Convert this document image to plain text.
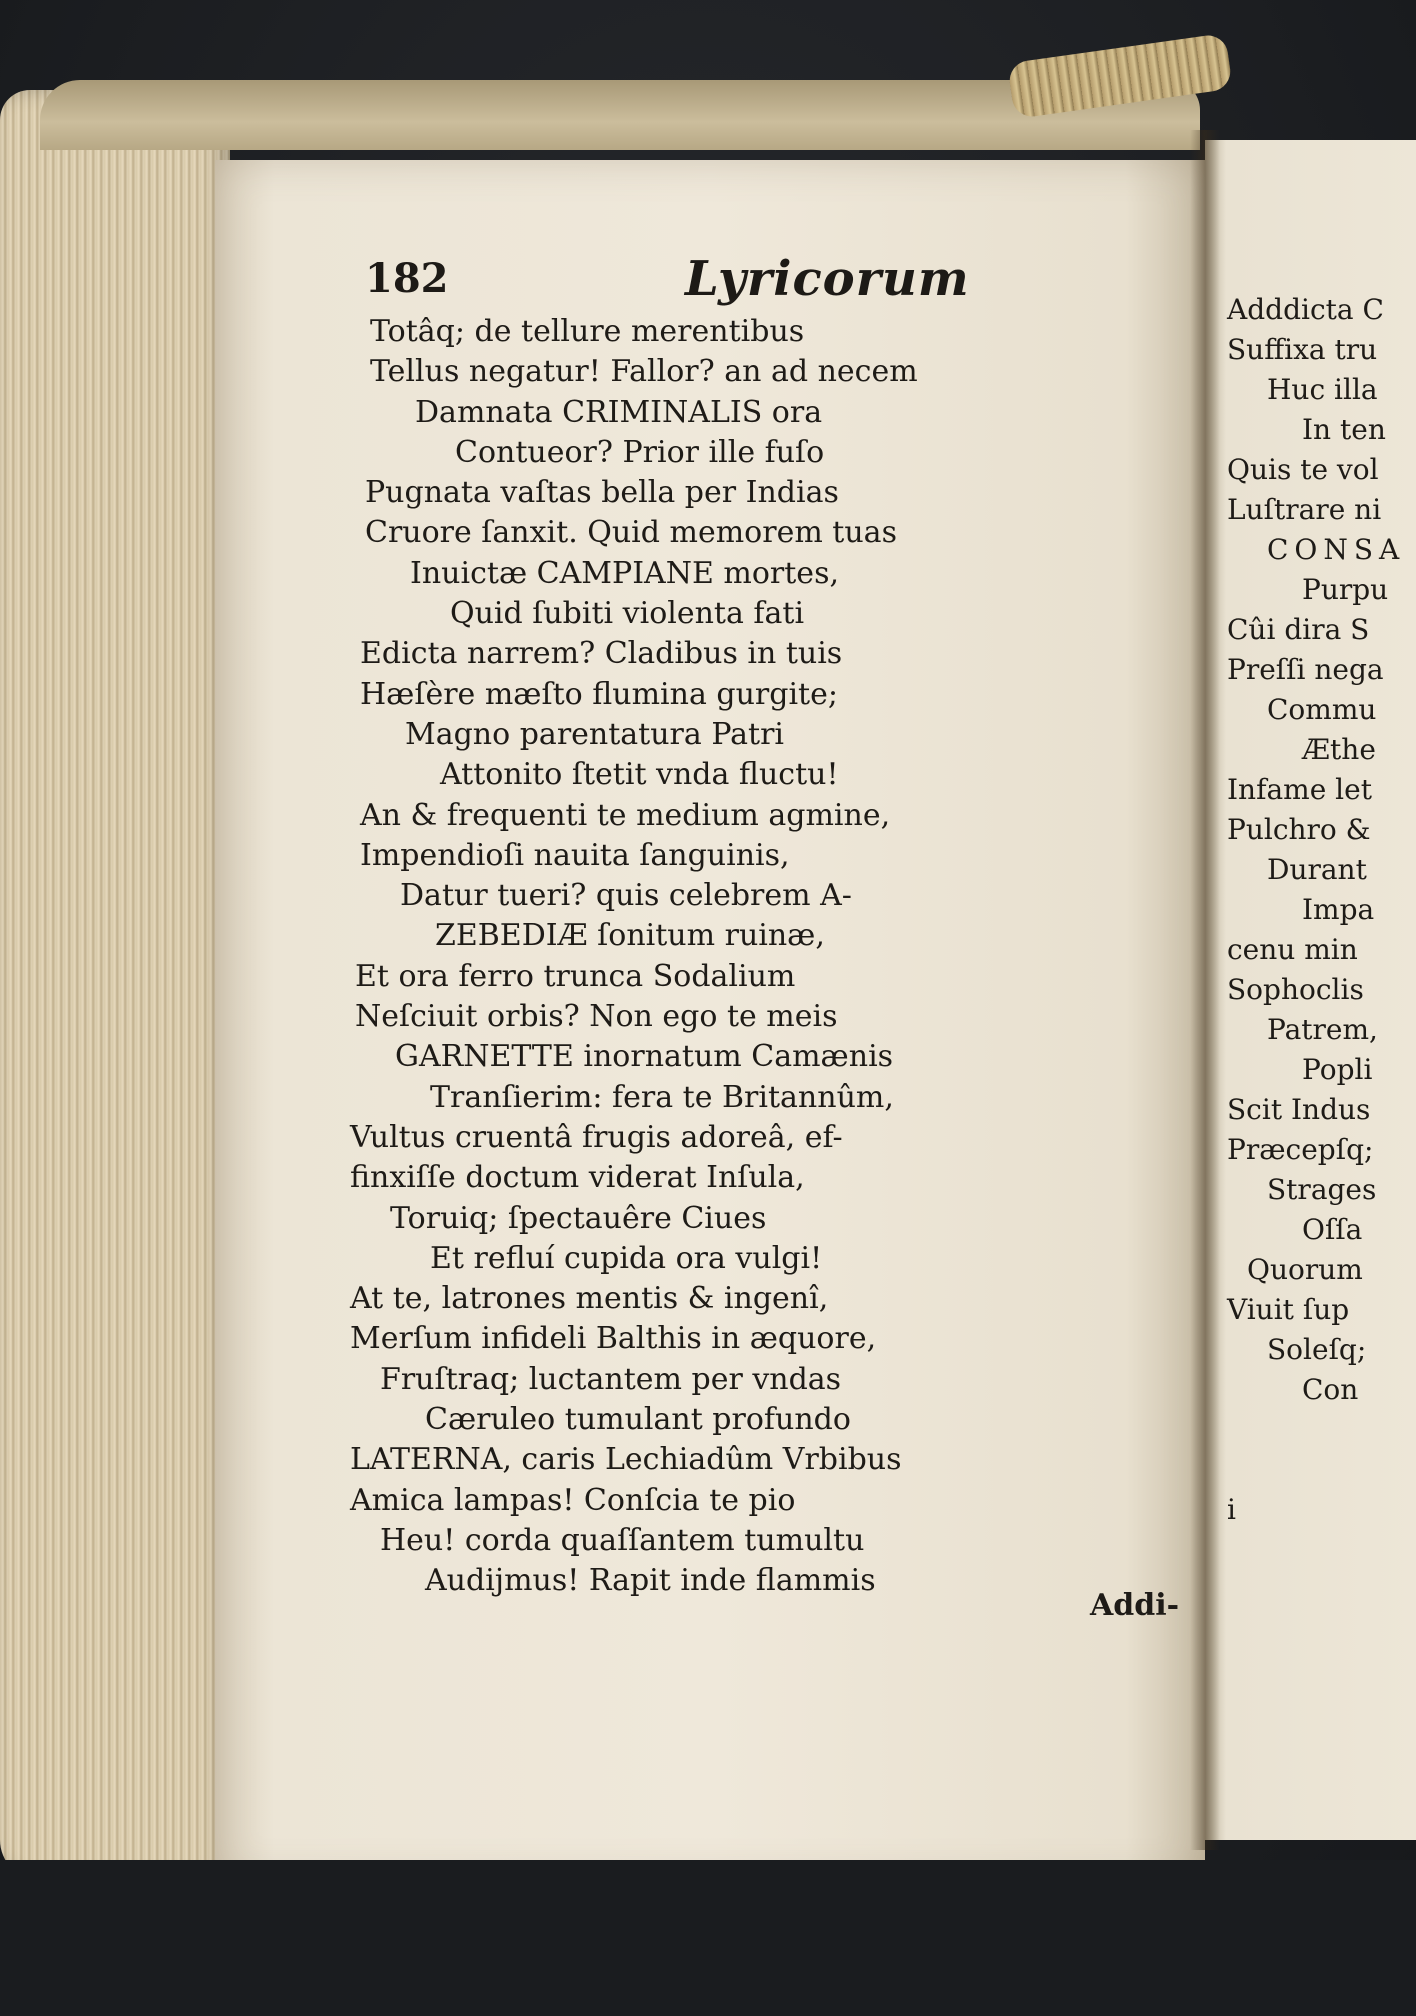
Adddicta C
Suffixa tru
Huc illa
In ten
Quis te vol
Luſtrare ni
CONSA
Purpu
Cûi dira S
Preſſi nega
Commu
Æthe
Infame let
Pulchro &
Durant
Impa
cenu min
Sophoclis
Patrem,
Popli
Scit Indus
Præcepſq;
Strages
Oſſa
Quorum
Viuit ſup
Soleſq;
Con
i
182	Lyricorum
Totâq; de tellure merentibus
Tellus negatur! Fallor? an ad necem
Damnata CRIMINALIS ora
Contueor? Prior ille fuſo
Pugnata vaſtas bella per Indias
Cruore ſanxit. Quid memorem tuas
Inuictæ CAMPIANE mortes,
Quid ſubiti violenta fati
Edicta narrem? Cladibus in tuis
Hæſère mæſto flumina gurgite;
Magno parentatura Patri
Attonito ſtetit vnda fluctu!
An & frequenti te medium agmine,
Impendioſi nauita ſanguinis,
Datur tueri? quis celebrem A-
ZEBEDIÆ ſonitum ruinæ,
Et ora ferro trunca Sodalium
Neſciuit orbis? Non ego te meis
GARNETTE inornatum Camænis
Tranſierim: fera te Britannûm,
Vultus cruentâ frugis adoreâ, ef-
finxiſſe doctum viderat Inſula,
Toruiq; ſpectauêre Ciues
Et refluí cupida ora vulgi!
At te, latrones mentis & ingenî,
Merſum infideli Balthis in æquore,
Fruſtraq; luctantem per vndas
Cæruleo tumulant profundo
LATERNA, caris Lechiadûm Vrbibus
Amica lampas! Conſcia te pio
Heu! corda quaſſantem tumultu
Audijmus! Rapit inde flammis
Addi-
